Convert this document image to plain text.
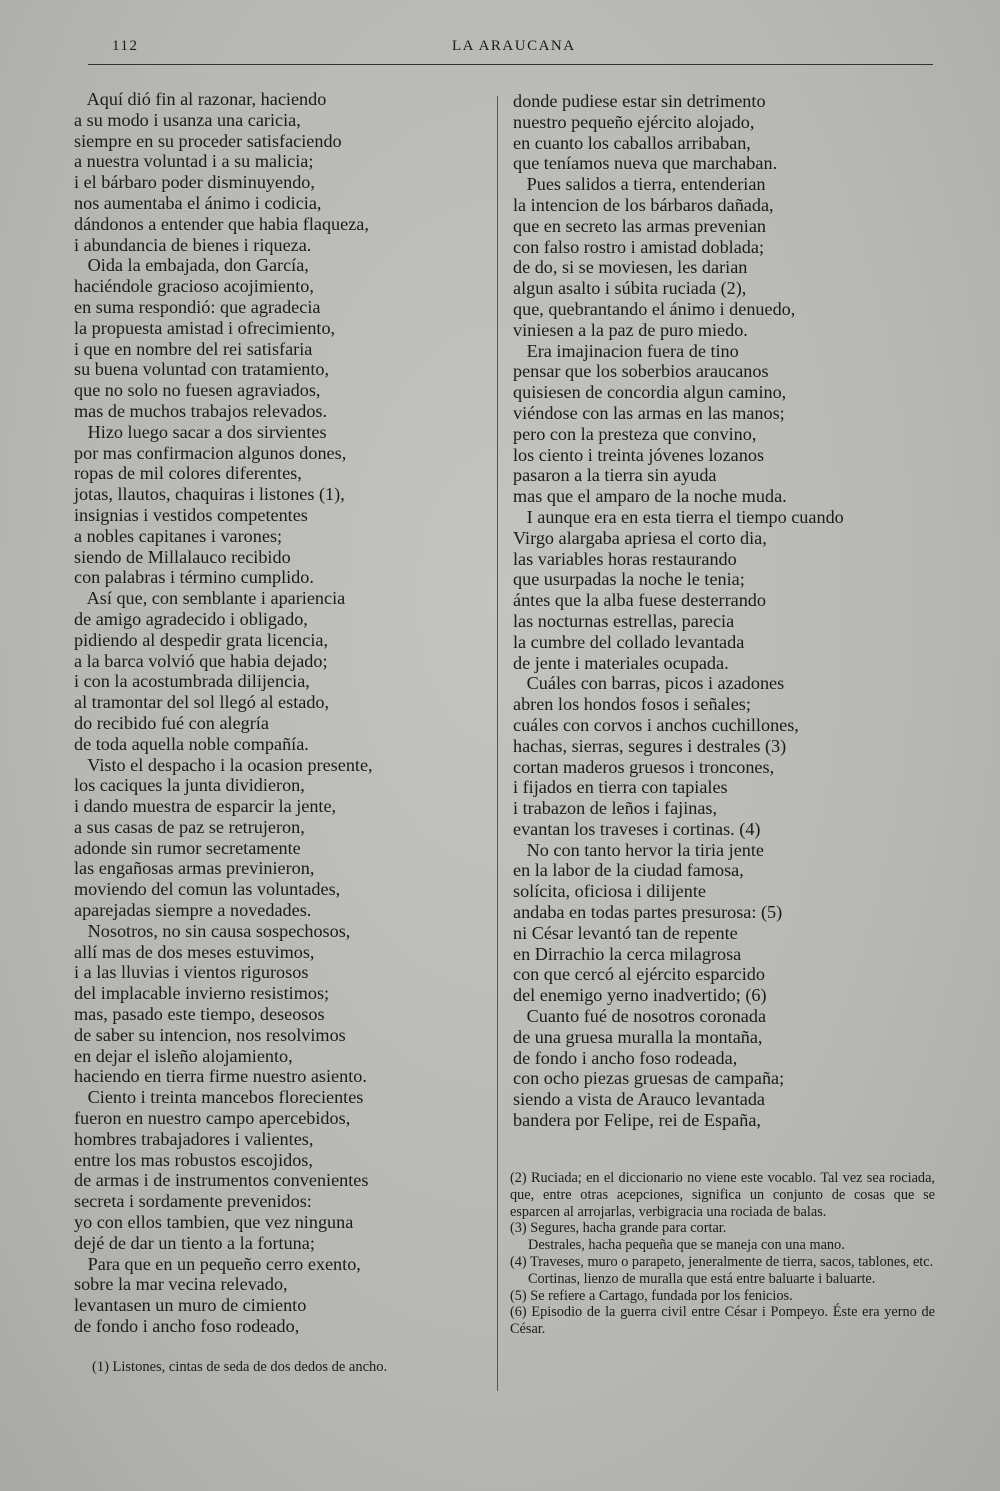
112	LA ARAUCANA
Aquí dió fin al razonar, haciendo
a su modo i usanza una caricia,
siempre en su proceder satisfaciendo
a nuestra voluntad i a su malicia;
i el bárbaro poder disminuyendo,
nos aumentaba el ánimo i codicia,
dándonos a entender que habia flaqueza,
i abundancia de bienes i riqueza.
Oida la embajada, don García,
haciéndole gracioso acojimiento,
en suma respondió: que agradecia
la propuesta amistad i ofrecimiento,
i que en nombre del rei satisfaria
su buena voluntad con tratamiento,
que no solo no fuesen agraviados,
mas de muchos trabajos relevados.
Hizo luego sacar a dos sirvientes
por mas confirmacion algunos dones,
ropas de mil colores diferentes,
jotas, llautos, chaquiras i listones (1),
insignias i vestidos competentes
a nobles capitanes i varones;
siendo de Millalauco recibido
con palabras i término cumplido.
Así que, con semblante i apariencia
de amigo agradecido i obligado,
pidiendo al despedir grata licencia,
a la barca volvió que habia dejado;
i con la acostumbrada dilijencia,
al tramontar del sol llegó al estado,
do recibido fué con alegría
de toda aquella noble compañía.
Visto el despacho i la ocasion presente,
los caciques la junta dividieron,
i dando muestra de esparcir la jente,
a sus casas de paz se retrujeron,
adonde sin rumor secretamente
las engañosas armas previnieron,
moviendo del comun las voluntades,
aparejadas siempre a novedades.
Nosotros, no sin causa sospechosos,
allí mas de dos meses estuvimos,
i a las lluvias i vientos rigurosos
del implacable invierno resistimos;
mas, pasado este tiempo, deseosos
de saber su intencion, nos resolvimos
en dejar el isleño alojamiento,
haciendo en tierra firme nuestro asiento.
Ciento i treinta mancebos florecientes
fueron en nuestro campo apercebidos,
hombres trabajadores i valientes,
entre los mas robustos escojidos,
de armas i de instrumentos convenientes
secreta i sordamente prevenidos:
yo con ellos tambien, que vez ninguna
dejé de dar un tiento a la fortuna;
Para que en un pequeño cerro exento,
sobre la mar vecina relevado,
levantasen un muro de cimiento
de fondo i ancho foso rodeado,
donde pudiese estar sin detrimento
nuestro pequeño ejército alojado,
en cuanto los caballos arribaban,
que teníamos nueva que marchaban.
Pues salidos a tierra, entenderian
la intencion de los bárbaros dañada,
que en secreto las armas prevenian
con falso rostro i amistad doblada;
de do, si se moviesen, les darian
algun asalto i súbita ruciada (2),
que, quebrantando el ánimo i denuedo,
viniesen a la paz de puro miedo.
Era imajinacion fuera de tino
pensar que los soberbios araucanos
quisiesen de concordia algun camino,
viéndose con las armas en las manos;
pero con la presteza que convino,
los ciento i treinta jóvenes lozanos
pasaron a la tierra sin ayuda
mas que el amparo de la noche muda.
I aunque era en esta tierra el tiempo cuando
Virgo alargaba apriesa el corto dia,
las variables horas restaurando
que usurpadas la noche le tenia;
ántes que la alba fuese desterrando
las nocturnas estrellas, parecia
la cumbre del collado levantada
de jente i materiales ocupada.
Cuáles con barras, picos i azadones
abren los hondos fosos i señales;
cuáles con corvos i anchos cuchillones,
hachas, sierras, segures i destrales (3)
cortan maderos gruesos i troncones,
i fijados en tierra con tapiales
i trabazon de leños i fajinas,
evantan los traveses i cortinas. (4)
No con tanto hervor la tiria jente
en la labor de la ciudad famosa,
solícita, oficiosa i dilijente
andaba en todas partes presurosa: (5)
ni César levantó tan de repente
en Dirrachio la cerca milagrosa
con que cercó al ejército esparcido
del enemigo yerno inadvertido; (6)
Cuanto fué de nosotros coronada
de una gruesa muralla la montaña,
de fondo i ancho foso rodeada,
con ocho piezas gruesas de campaña;
siendo a vista de Arauco levantada
bandera por Felipe, rei de España,
(1) Listones, cintas de seda de dos dedos de ancho.
(2) Ruciada; en el diccionario no viene este vocablo. Tal vez sea rociada, que, entre otras acepciones, significa un conjunto de cosas que se esparcen al arrojarlas, verbigracia una rociada de balas.
(3) Segures, hacha grande para cortar.
Destrales, hacha pequeña que se maneja con una mano.
(4) Traveses, muro o parapeto, jeneralmente de tierra, sacos, tablones, etc.
Cortinas, lienzo de muralla que está entre baluarte i baluarte.
(5) Se refiere a Cartago, fundada por los fenicios.
(6) Episodio de la guerra civil entre César i Pompeyo. Éste era yerno de César.
